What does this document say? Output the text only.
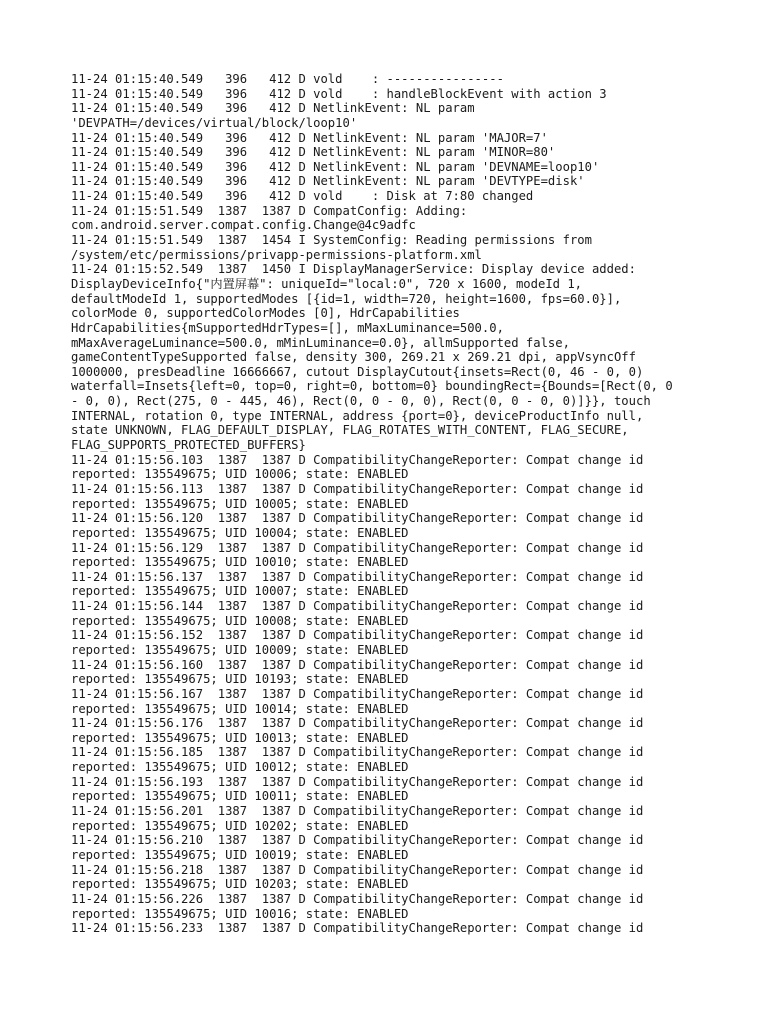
11-24 01:15:40.549   396   412 D vold    : ----------------
11-24 01:15:40.549   396   412 D vold    : handleBlockEvent with action 3
11-24 01:15:40.549   396   412 D NetlinkEvent: NL param
'DEVPATH=/devices/virtual/block/loop10'
11-24 01:15:40.549   396   412 D NetlinkEvent: NL param 'MAJOR=7'
11-24 01:15:40.549   396   412 D NetlinkEvent: NL param 'MINOR=80'
11-24 01:15:40.549   396   412 D NetlinkEvent: NL param 'DEVNAME=loop10'
11-24 01:15:40.549   396   412 D NetlinkEvent: NL param 'DEVTYPE=disk'
11-24 01:15:40.549   396   412 D vold    : Disk at 7:80 changed
11-24 01:15:51.549  1387  1387 D CompatConfig: Adding:
com.android.server.compat.config.Change@4c9adfc
11-24 01:15:51.549  1387  1454 I SystemConfig: Reading permissions from
/system/etc/permissions/privapp-permissions-platform.xml
11-24 01:15:52.549  1387  1450 I DisplayManagerService: Display device added:
DisplayDeviceInfo{"内置屏幕": uniqueId="local:0", 720 x 1600, modeId 1,
defaultModeId 1, supportedModes [{id=1, width=720, height=1600, fps=60.0}],
colorMode 0, supportedColorModes [0], HdrCapabilities
HdrCapabilities{mSupportedHdrTypes=[], mMaxLuminance=500.0,
mMaxAverageLuminance=500.0, mMinLuminance=0.0}, allmSupported false,
gameContentTypeSupported false, density 300, 269.21 x 269.21 dpi, appVsyncOff
1000000, presDeadline 16666667, cutout DisplayCutout{insets=Rect(0, 46 - 0, 0)
waterfall=Insets{left=0, top=0, right=0, bottom=0} boundingRect={Bounds=[Rect(0, 0
- 0, 0), Rect(275, 0 - 445, 46), Rect(0, 0 - 0, 0), Rect(0, 0 - 0, 0)]}}, touch
INTERNAL, rotation 0, type INTERNAL, address {port=0}, deviceProductInfo null,
state UNKNOWN, FLAG_DEFAULT_DISPLAY, FLAG_ROTATES_WITH_CONTENT, FLAG_SECURE,
FLAG_SUPPORTS_PROTECTED_BUFFERS}
11-24 01:15:56.103  1387  1387 D CompatibilityChangeReporter: Compat change id
reported: 135549675; UID 10006; state: ENABLED
11-24 01:15:56.113  1387  1387 D CompatibilityChangeReporter: Compat change id
reported: 135549675; UID 10005; state: ENABLED
11-24 01:15:56.120  1387  1387 D CompatibilityChangeReporter: Compat change id
reported: 135549675; UID 10004; state: ENABLED
11-24 01:15:56.129  1387  1387 D CompatibilityChangeReporter: Compat change id
reported: 135549675; UID 10010; state: ENABLED
11-24 01:15:56.137  1387  1387 D CompatibilityChangeReporter: Compat change id
reported: 135549675; UID 10007; state: ENABLED
11-24 01:15:56.144  1387  1387 D CompatibilityChangeReporter: Compat change id
reported: 135549675; UID 10008; state: ENABLED
11-24 01:15:56.152  1387  1387 D CompatibilityChangeReporter: Compat change id
reported: 135549675; UID 10009; state: ENABLED
11-24 01:15:56.160  1387  1387 D CompatibilityChangeReporter: Compat change id
reported: 135549675; UID 10193; state: ENABLED
11-24 01:15:56.167  1387  1387 D CompatibilityChangeReporter: Compat change id
reported: 135549675; UID 10014; state: ENABLED
11-24 01:15:56.176  1387  1387 D CompatibilityChangeReporter: Compat change id
reported: 135549675; UID 10013; state: ENABLED
11-24 01:15:56.185  1387  1387 D CompatibilityChangeReporter: Compat change id
reported: 135549675; UID 10012; state: ENABLED
11-24 01:15:56.193  1387  1387 D CompatibilityChangeReporter: Compat change id
reported: 135549675; UID 10011; state: ENABLED
11-24 01:15:56.201  1387  1387 D CompatibilityChangeReporter: Compat change id
reported: 135549675; UID 10202; state: ENABLED
11-24 01:15:56.210  1387  1387 D CompatibilityChangeReporter: Compat change id
reported: 135549675; UID 10019; state: ENABLED
11-24 01:15:56.218  1387  1387 D CompatibilityChangeReporter: Compat change id
reported: 135549675; UID 10203; state: ENABLED
11-24 01:15:56.226  1387  1387 D CompatibilityChangeReporter: Compat change id
reported: 135549675; UID 10016; state: ENABLED
11-24 01:15:56.233  1387  1387 D CompatibilityChangeReporter: Compat change id
